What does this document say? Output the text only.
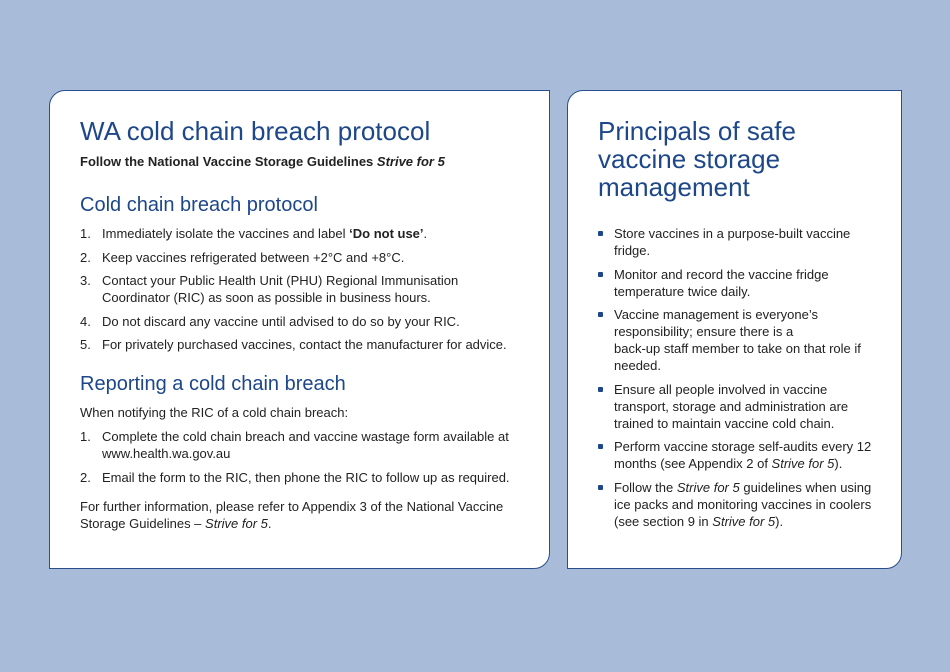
WA cold chain breach protocol
Follow the National Vaccine Storage Guidelines Strive for 5
Cold chain breach protocol
1. Immediately isolate the vaccines and label ‘Do not use’.
2. Keep vaccines refrigerated between +2°C and +8°C.
3. Contact your Public Health Unit (PHU) Regional Immunisation Coordinator (RIC) as soon as possible in business hours.
4. Do not discard any vaccine until advised to do so by your RIC.
5. For privately purchased vaccines, contact the manufacturer for advice.
Reporting a cold chain breach

When notifying the RIC of a cold chain breach:

1. Complete the cold chain breach and vaccine wastage form available at www.health.wa.gov.au
2. Email the form to the RIC, then phone the RIC to follow up as required.

For further information, please refer to Appendix 3 of the National Vaccine Storage Guidelines – Strive for 5.

Principals of safe
vaccine storage
management
Store vaccines in a purpose-built vaccine fridge.
Monitor and record the vaccine fridge temperature twice daily.
Vaccine management is everyone’s responsibility; ensure there is a
back-up staff member to take on that role if needed.
Ensure all people involved in vaccine transport, storage and administration are trained to maintain vaccine cold chain.
Perform vaccine storage self-audits every 12 months (see Appendix 2 of Strive for 5).
Follow the Strive for 5 guidelines when using ice packs and monitoring vaccines in coolers (see section 9 in Strive for 5).
